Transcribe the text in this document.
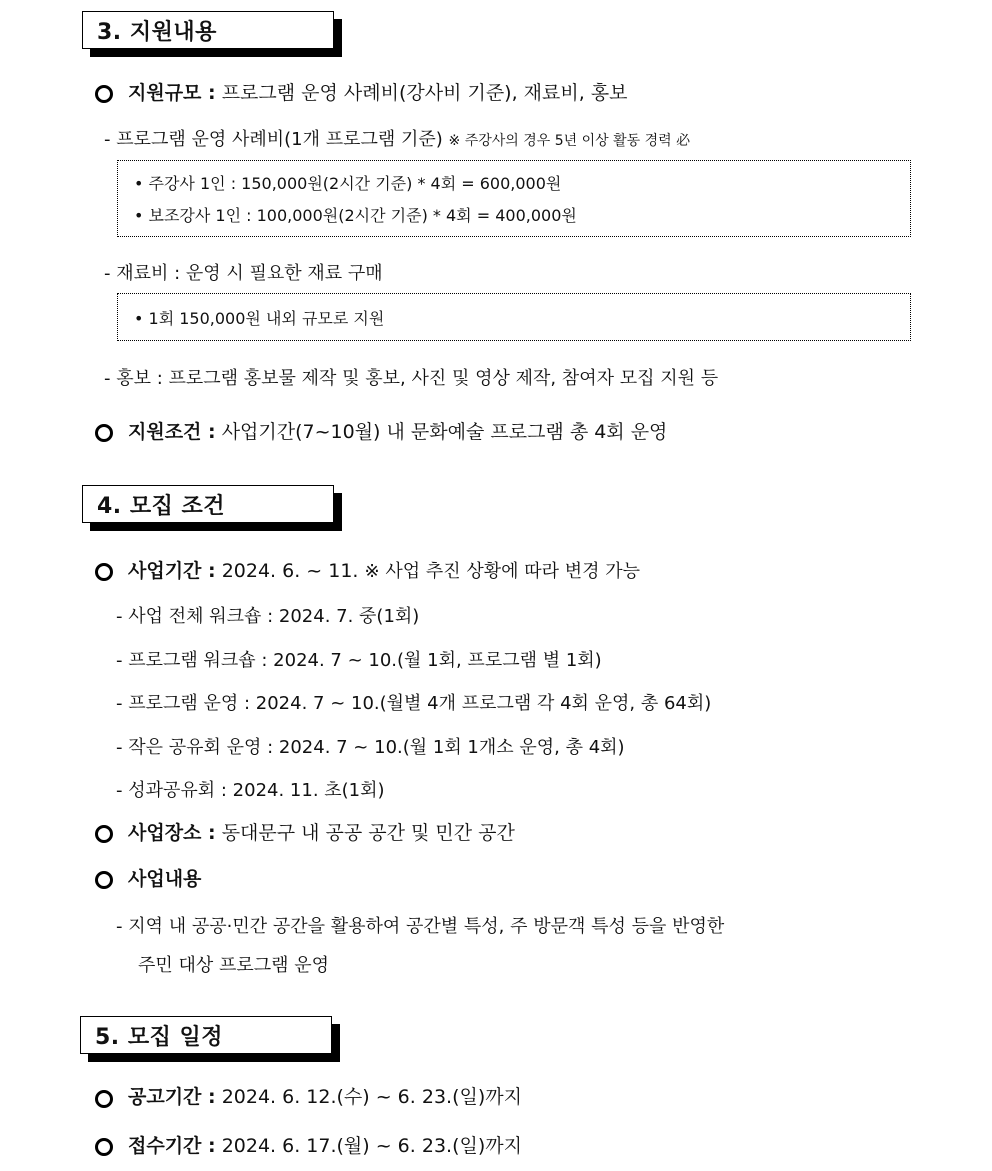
3. 지원내용
지원규모 : 프로그램 운영 사례비(강사비 기준), 재료비, 홍보
- 프로그램 운영 사례비(1개 프로그램 기준) ※ 주강사의 경우 5년 이상 활동 경력 必
• 주강사 1인 : 150,000원(2시간 기준) * 4회 = 600,000원
• 보조강사 1인 : 100,000원(2시간 기준) * 4회 = 400,000원
- 재료비 : 운영 시 필요한 재료 구매
• 1회 150,000원 내외 규모로 지원
- 홍보 : 프로그램 홍보물 제작 및 홍보, 사진 및 영상 제작, 참여자 모집 지원 등
지원조건 : 사업기간(7~10월) 내 문화예술 프로그램 총 4회 운영
4. 모집 조건
사업기간 : 2024. 6. ~ 11. ※ 사업 추진 상황에 따라 변경 가능
- 사업 전체 워크숍 : 2024. 7. 중(1회)
- 프로그램 워크숍 : 2024. 7 ~ 10.(월 1회, 프로그램 별 1회)
- 프로그램 운영 : 2024. 7 ~ 10.(월별 4개 프로그램 각 4회 운영, 총 64회)
- 작은 공유회 운영 : 2024. 7 ~ 10.(월 1회 1개소 운영, 총 4회)
- 성과공유회 : 2024. 11. 초(1회)
사업장소 : 동대문구 내 공공 공간 및 민간 공간
사업내용
- 지역 내 공공·민간 공간을 활용하여 공간별 특성, 주 방문객 특성 등을 반영한
주민 대상 프로그램 운영
5. 모집 일정
공고기간 : 2024. 6. 12.(수) ~ 6. 23.(일)까지
접수기간 : 2024. 6. 17.(월) ~ 6. 23.(일)까지
